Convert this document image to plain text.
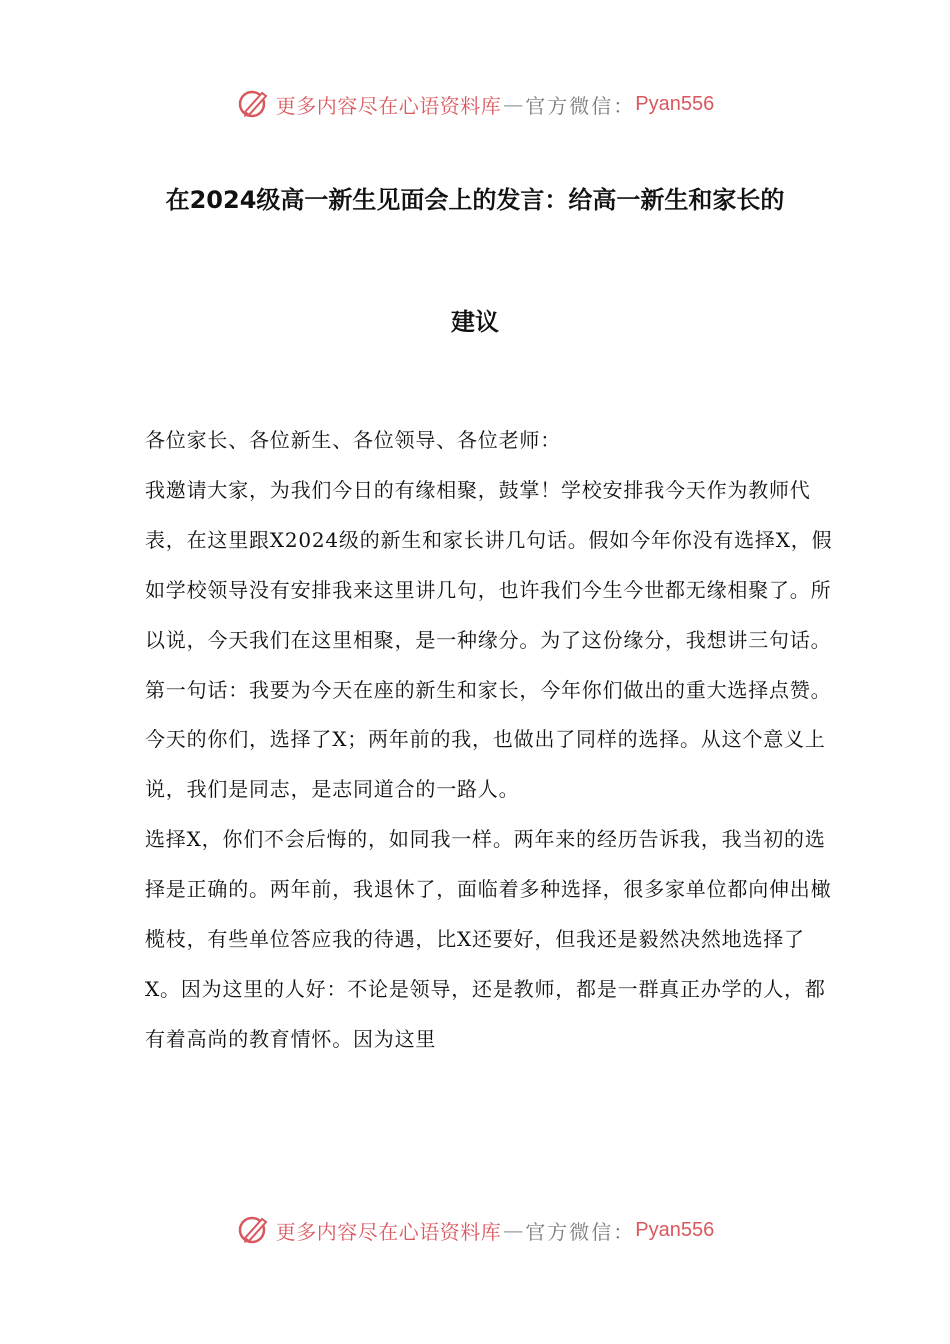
更多内容尽在心语资料库 — 官方微信： Pyan556
在2024级高一新生见面会上的发言：给高一新生和家长的
建议

各位家长、各位新生、各位领导、各位老师：

我邀请大家，为我们今日的有缘相聚，鼓掌！学校安排我今天作为教师代表，在这里跟X2024级的新生和家长讲几句话。假如今年你没有选择X，假如学校领导没有安排我来这里讲几句，也许我们今生今世都无缘相聚了。所以说，今天我们在这里相聚，是一种缘分。为了这份缘分，我想讲三句话。

第一句话：我要为今天在座的新生和家长，今年你们做出的重大选择点赞。

今天的你们，选择了X；两年前的我，也做出了同样的选择。从这个意义上说，我们是同志，是志同道合的一路人。

选择X，你们不会后悔的，如同我一样。两年来的经历告诉我，我当初的选择是正确的。两年前，我退休了，面临着多种选择，很多家单位都向伸出橄榄枝，有些单位答应我的待遇，比X还要好，但我还是毅然决然地选择了X。因为这里的人好：不论是领导，还是教师，都是一群真正办学的人，都有着高尚的教育情怀。因为这里

更多内容尽在心语资料库 — 官方微信： Pyan556
